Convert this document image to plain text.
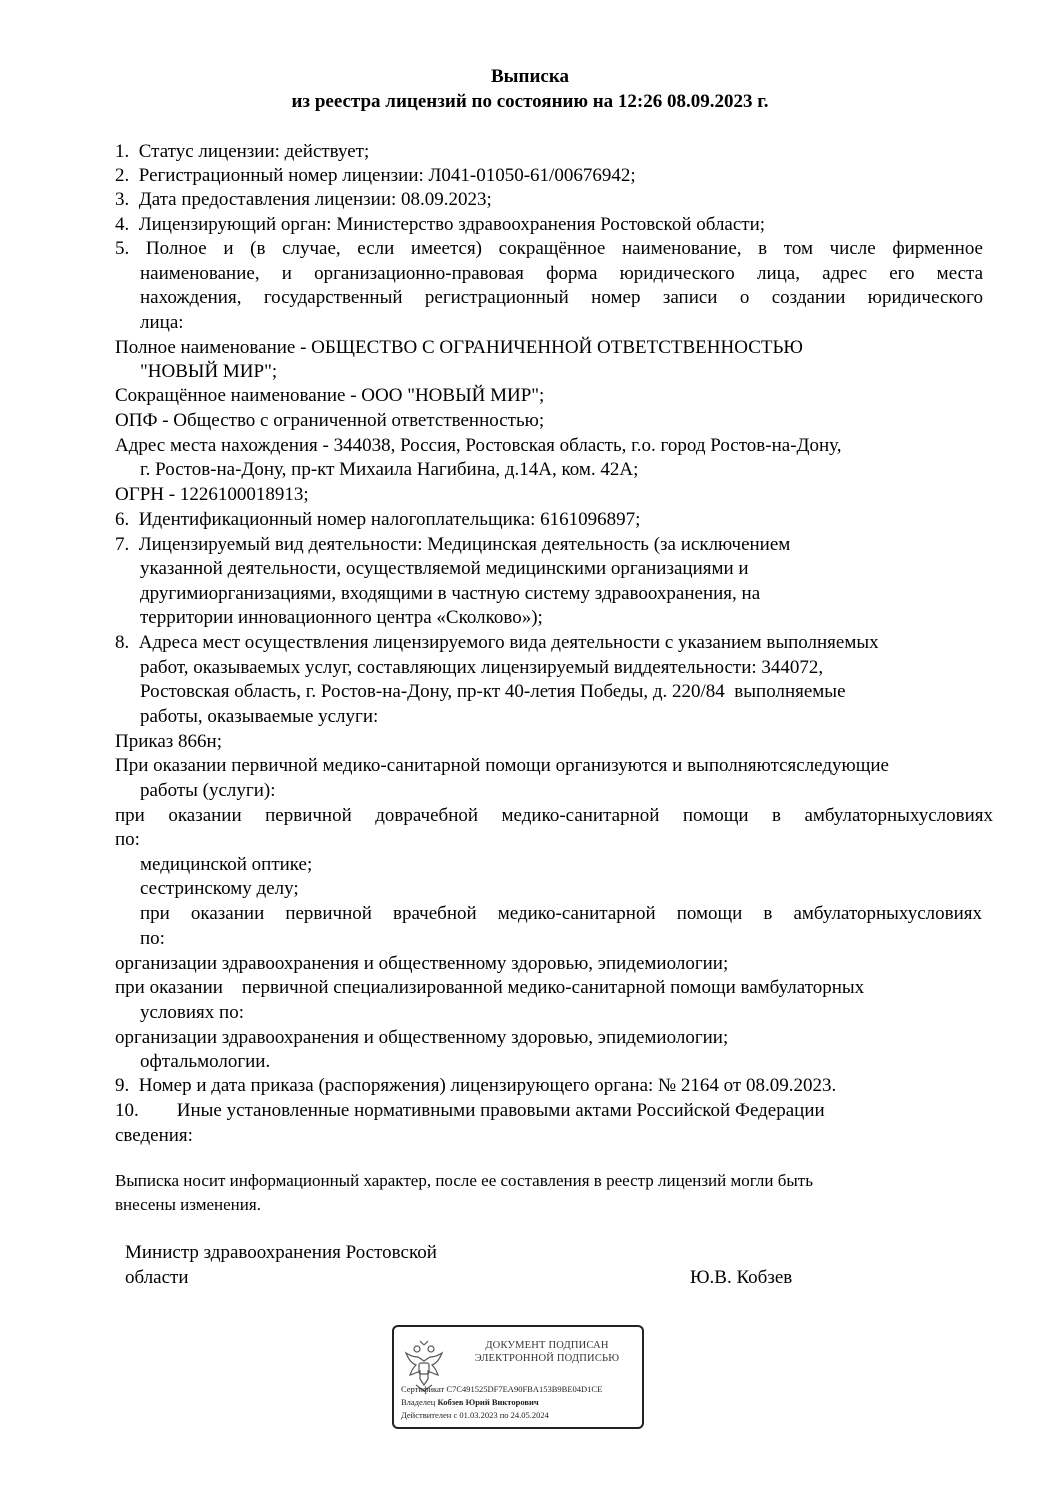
Выписка
из реестра лицензий по состоянию на 12:26 08.09.2023 г.
1.  Статус лицензии: действует;
2.  Регистрационный номер лицензии: Л041-01050-61/00676942;
3.  Дата предоставления лицензии: 08.09.2023;
4.  Лицензирующий орган: Министерство здравоохранения Ростовской области;
5. Полное и (в случае, если имеется) сокращённое наименование, в том числе фирменное
наименование, и организационно-правовая форма юридического лица, адрес его места
нахождения, государственный регистрационный номер записи о создании юридического
лица:
Полное наименование - ОБЩЕСТВО С ОГРАНИЧЕННОЙ ОТВЕТСТВЕННОСТЬЮ
"НОВЫЙ МИР";
Сокращённое наименование - ООО "НОВЫЙ МИР";
ОПФ - Общество с ограниченной ответственностью;
Адрес места нахождения - 344038, Россия, Ростовская область, г.о. город Ростов-на-Дону,
г. Ростов-на-Дону, пр-кт Михаила Нагибина, д.14А, ком. 42А;
ОГРН - 1226100018913;
6.  Идентификационный номер налогоплательщика: 6161096897;
7.  Лицензируемый вид деятельности: Медицинская деятельность (за исключением
указанной деятельности, осуществляемой медицинскими организациями и
другимиорганизациями, входящими в частную систему здравоохранения, на
территории инновационного центра «Сколково»);
8.  Адреса мест осуществления лицензируемого вида деятельности с указанием выполняемых
работ, оказываемых услуг, составляющих лицензируемый виддеятельности: 344072,
Ростовская область, г. Ростов-на-Дону, пр-кт 40-летия Победы, д. 220/84  выполняемые
работы, оказываемые услуги:
Приказ 866н;
При оказании первичной медико-санитарной помощи организуются и выполняютсяследующие
работы (услуги):
при оказании первичной доврачебной медико-санитарной помощи в амбулаторныхусловиях
по:
медицинской оптике;
сестринскому делу;
при оказании первичной врачебной медико-санитарной помощи в амбулаторныхусловиях
по:
организации здравоохранения и общественному здоровью, эпидемиологии;
при оказании    первичной специализированной медико-санитарной помощи вамбулаторных
условиях по:
организации здравоохранения и общественному здоровью, эпидемиологии;
офтальмологии.
9.  Номер и дата приказа (распоряжения) лицензирующего органа: № 2164 от 08.09.2023.
10.        Иные установленные нормативными правовыми актами Российской Федерации
сведения:
Выписка носит информационный характер, после ее составления в реестр лицензий могли быть
внесены изменения.
Министр здравоохранения Ростовской
области	Ю.В. Кобзев
ДОКУМЕНТ ПОДПИСАН
ЭЛЕКТРОННОЙ ПОДПИСЬЮ
Сертификат C7C491525DF7EA90FBA153B9BE04D1CE
Владелец Кобзев Юрий Викторович
Действителен с 01.03.2023 по 24.05.2024
